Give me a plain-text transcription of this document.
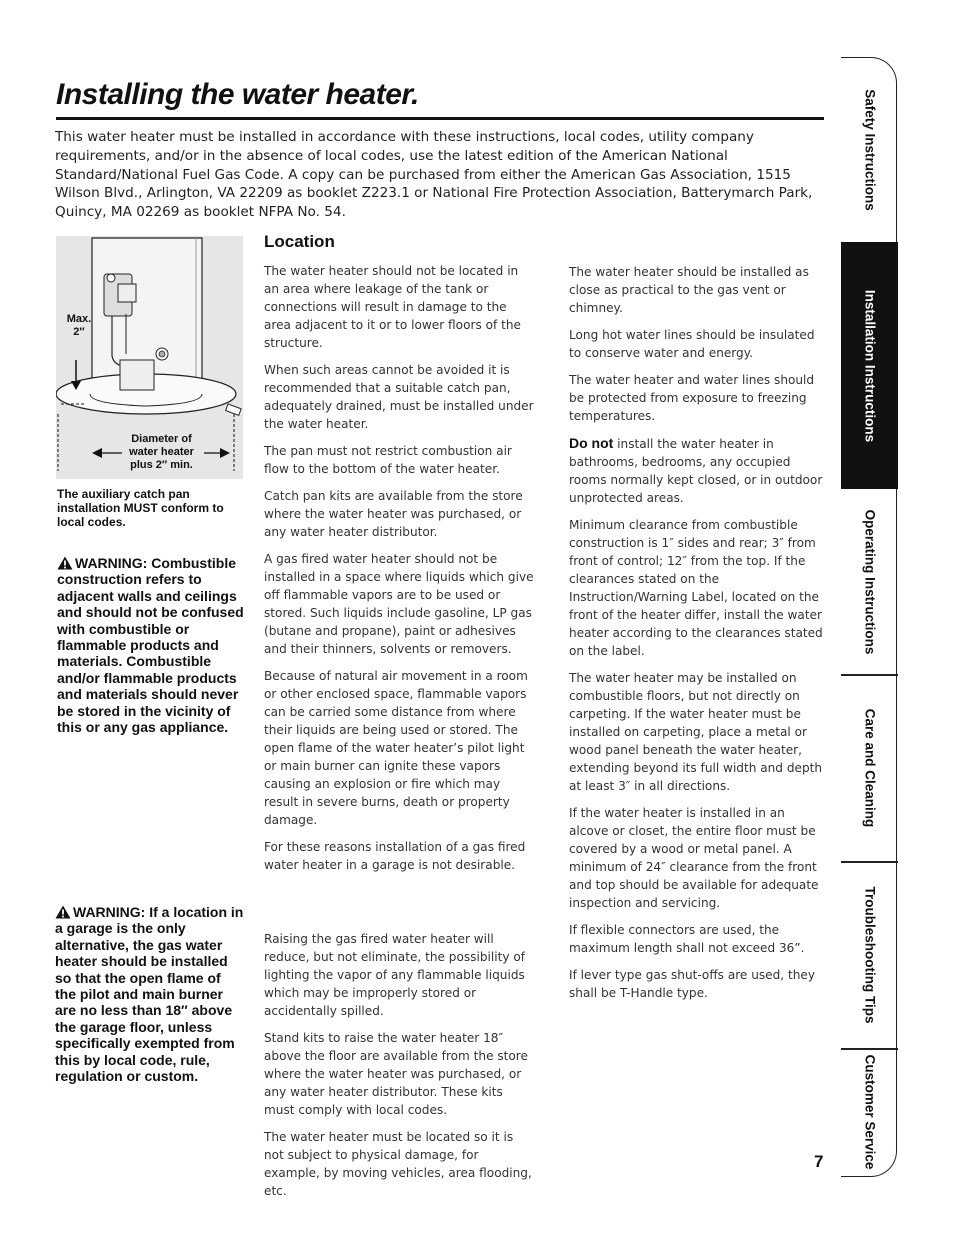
Installing the water heater.

This water heater must be installed in accordance with these instructions, local codes, utility company requirements, and/or in the absence of local codes, use the latest edition of the American National Standard/National Fuel Gas Code. A copy can be purchased from either the American Gas Association, 1515 Wilson Blvd., Arlington, VA 22209 as booklet Z223.1 or National Fire Protection Association, Batterymarch Park, Quincy, MA 02269 as booklet NFPA No. 54.

Max.
2″
Diameter of
water heater
plus 2″ min.

The auxiliary catch pan installation MUST conform to local codes.

WARNING: Combustible construction refers to adjacent walls and ceilings and should not be confused with combustible or flammable products and materials. Combustible and/or flammable products and materials should never be stored in the vicinity of this or any gas appliance.

WARNING: If a location in a garage is the only alternative, the gas water heater should be installed so that the open flame of the pilot and main burner are no less than 18″ above the garage floor, unless specifically exempted from this by local code, rule, regulation or custom.

Location

The water heater should not be located in an area where leakage of the tank or connections will result in damage to the area adjacent to it or to lower floors of the structure.

When such areas cannot be avoided it is recommended that a suitable catch pan, adequately drained, must be installed under the water heater.

The pan must not restrict combustion air flow to the bottom of the water heater.

Catch pan kits are available from the store where the water heater was purchased, or any water heater distributor.

A gas fired water heater should not be installed in a space where liquids which give off flammable vapors are to be used or stored. Such liquids include gasoline, LP gas (butane and propane), paint or adhesives and their thinners, solvents or removers.

Because of natural air movement in a room or other enclosed space, flammable vapors can be carried some distance from where their liquids are being used or stored. The open flame of the water heater’s pilot light or main burner can ignite these vapors causing an explosion or fire which may result in severe burns, death or property damage.

For these reasons installation of a gas fired water heater in a garage is not desirable.

Raising the gas fired water heater will reduce, but not eliminate, the possibility of lighting the vapor of any flammable liquids which may be improperly stored or accidentally spilled.

Stand kits to raise the water heater 18″ above the floor are available from the store where the water heater was purchased, or any water heater distributor. These kits must comply with local codes.

The water heater must be located so it is not subject to physical damage, for example, by moving vehicles, area flooding, etc.

The water heater should be installed as close as practical to the gas vent or chimney.

Long hot water lines should be insulated to conserve water and energy.

The water heater and water lines should be protected from exposure to freezing temperatures.

Do not install the water heater in bathrooms, bedrooms, any occupied rooms normally kept closed, or in outdoor unprotected areas.

Minimum clearance from combustible construction is 1″ sides and rear; 3″ from front of control; 12″ from the top. If the clearances stated on the Instruction/Warning Label, located on the front of the heater differ, install the water heater according to the clearances stated on the label.

The water heater may be installed on combustible floors, but not directly on carpeting. If the water heater must be installed on carpeting, place a metal or wood panel beneath the water heater, extending beyond its full width and depth at least 3″ in all directions.

If the water heater is installed in an alcove or closet, the entire floor must be covered by a wood or metal panel. A minimum of 24″ clearance from the front and top should be available for adequate inspection and servicing.

If flexible connectors are used, the maximum length shall not exceed 36”.

If lever type gas shut-offs are used, they shall be T-Handle type.

Safety Instructions
Installation Instructions
Operating Instructions
Care and Cleaning
Troubleshooting Tips
Customer Service

7
